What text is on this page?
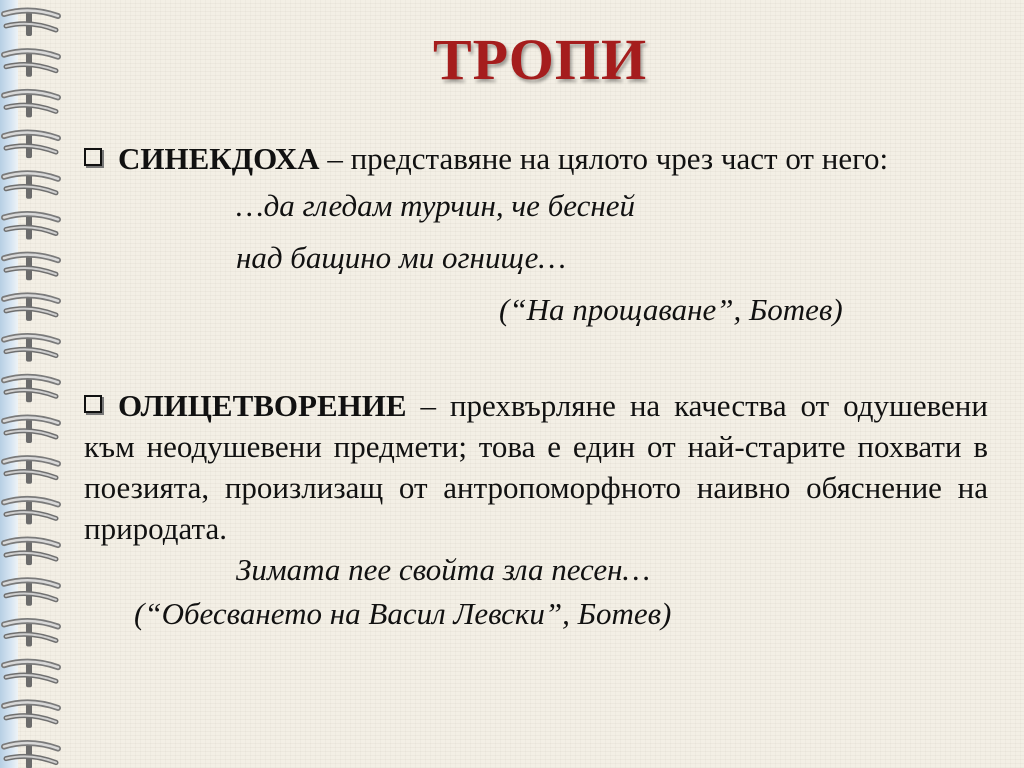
ТРОПИ

СИНЕКДОХА – представяне на цялото чрез част от него:

…да гледам турчин, че бесней
над бащино ми огнище…
(“На прощаване”, Ботев)

ОЛИЦЕТВОРЕНИЕ – прехвърляне на качества от одушевени към неодушевени предмети; това е един от най-старите похвати в поезията, произлизащ от антропоморфното наивно обяснение на природата.

Зимата пее свойта зла песен…
(“Обесването на Васил Левски”, Ботев)
